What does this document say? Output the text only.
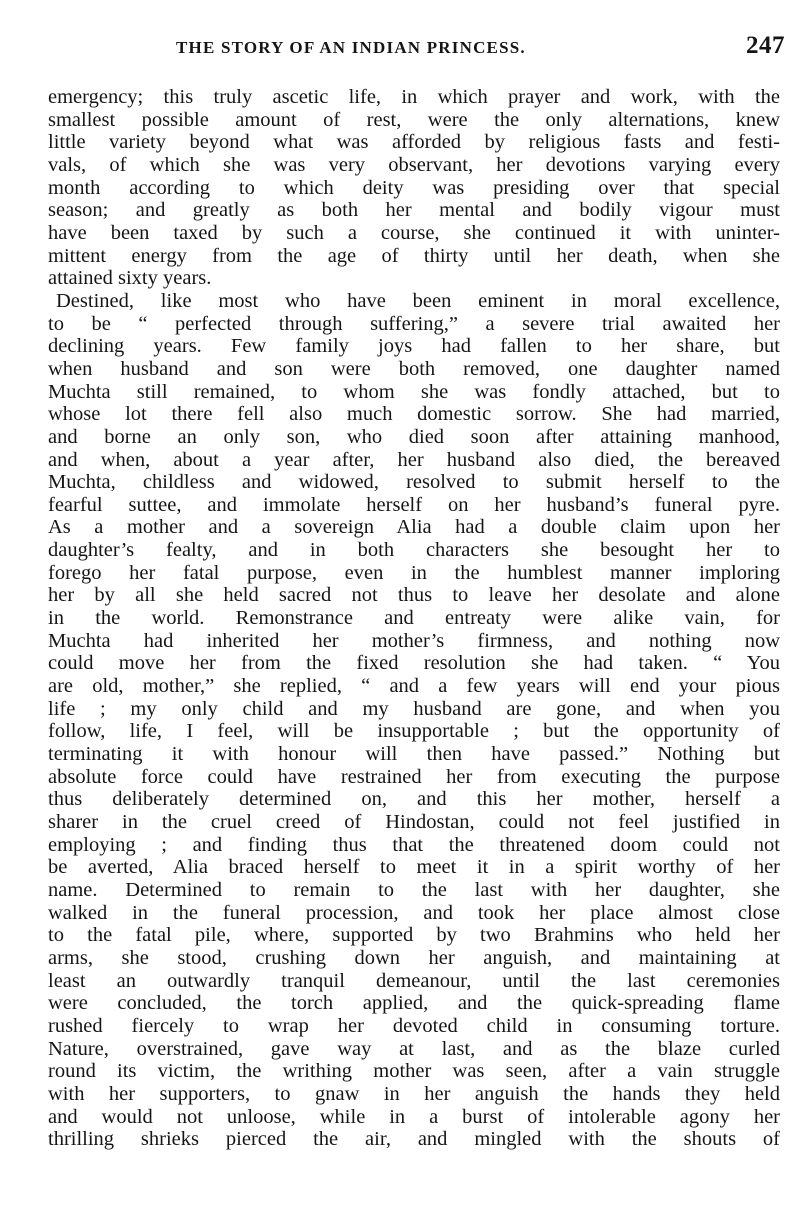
THE STORY OF AN INDIAN PRINCESS.	247
emergency; this truly ascetic life, in which prayer and work, with the
smallest possible amount of rest, were the only alternations, knew
little variety beyond what was afforded by religious fasts and festi-
vals, of which she was very observant, her devotions varying every
month according to which deity was presiding over that special
season; and greatly as both her mental and bodily vigour must
have been taxed by such a course, she continued it with uninter-
mittent energy from the age of thirty until her death, when she
attained sixty years.
Destined, like most who have been eminent in moral excellence,
to be “ perfected through suffering,” a severe trial awaited her
declining years. Few family joys had fallen to her share, but
when husband and son were both removed, one daughter named
Muchta still remained, to whom she was fondly attached, but to
whose lot there fell also much domestic sorrow. She had married,
and borne an only son, who died soon after attaining manhood,
and when, about a year after, her husband also died, the bereaved
Muchta, childless and widowed, resolved to submit herself to the
fearful suttee, and immolate herself on her husband’s funeral pyre.
As a mother and a sovereign Alia had a double claim upon her
daughter’s fealty, and in both characters she besought her to
forego her fatal purpose, even in the humblest manner imploring
her by all she held sacred not thus to leave her desolate and alone
in the world. Remonstrance and entreaty were alike vain, for
Muchta had inherited her mother’s firmness, and nothing now
could move her from the fixed resolution she had taken. “ You
are old, mother,” she replied, “ and a few years will end your pious
life ; my only child and my husband are gone, and when you
follow, life, I feel, will be insupportable ; but the opportunity of
terminating it with honour will then have passed.” Nothing but
absolute force could have restrained her from executing the purpose
thus deliberately determined on, and this her mother, herself a
sharer in the cruel creed of Hindostan, could not feel justified in
employing ; and finding thus that the threatened doom could not
be averted, Alia braced herself to meet it in a spirit worthy of her
name. Determined to remain to the last with her daughter, she
walked in the funeral procession, and took her place almost close
to the fatal pile, where, supported by two Brahmins who held her
arms, she stood, crushing down her anguish, and maintaining at
least an outwardly tranquil demeanour, until the last ceremonies
were concluded, the torch applied, and the quick-spreading flame
rushed fiercely to wrap her devoted child in consuming torture.
Nature, overstrained, gave way at last, and as the blaze curled
round its victim, the writhing mother was seen, after a vain struggle
with her supporters, to gnaw in her anguish the hands they held
and would not unloose, while in a burst of intolerable agony her
thrilling shrieks pierced the air, and mingled with the shouts of
